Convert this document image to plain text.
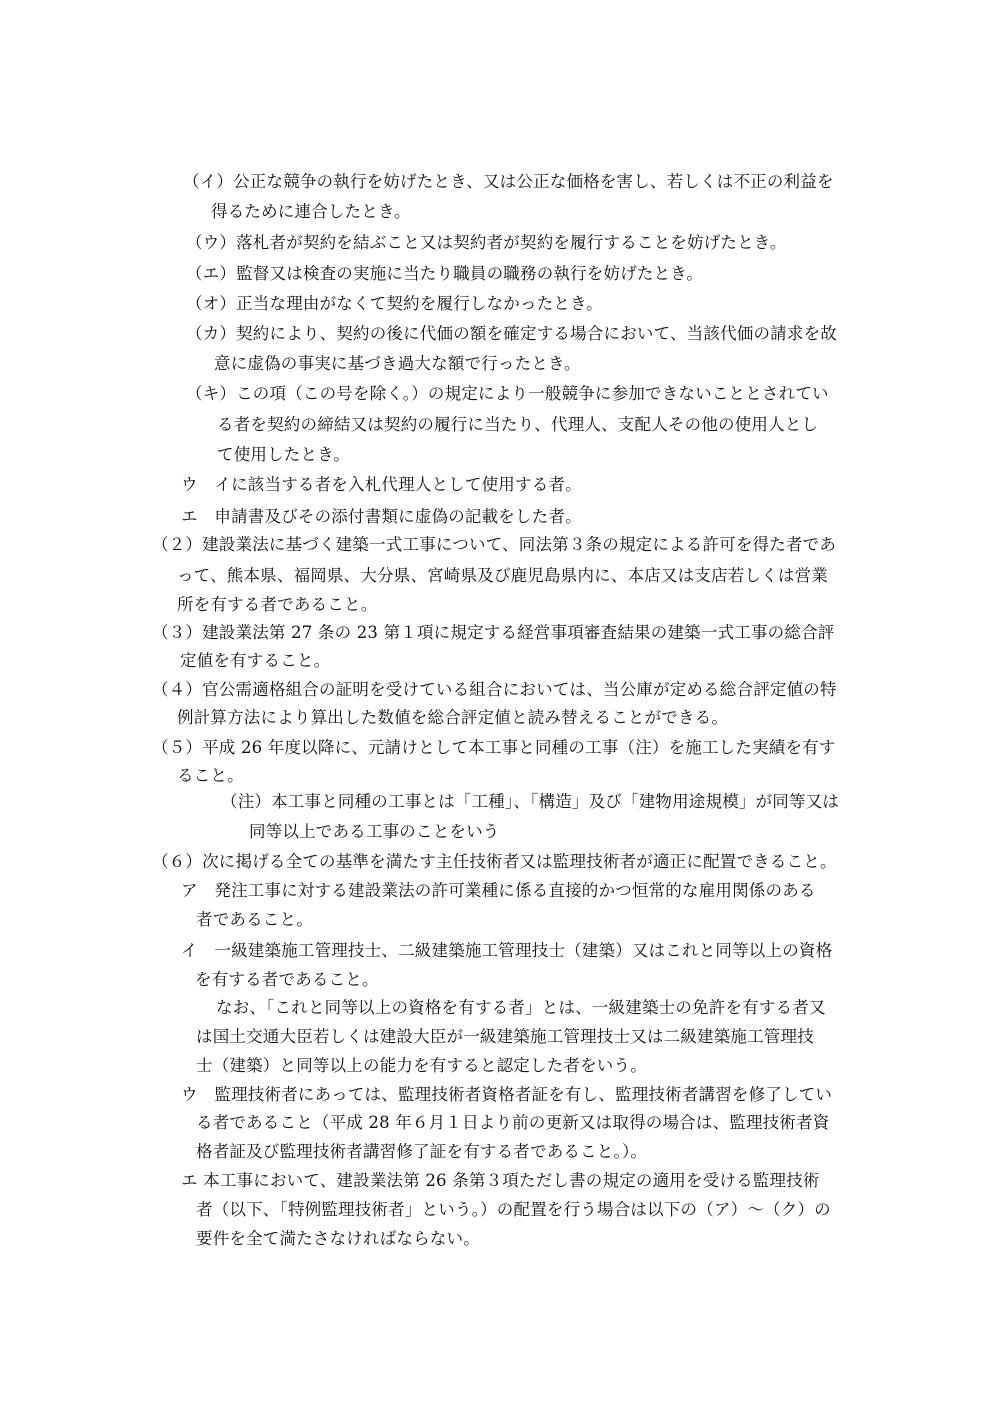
（イ）公正な競争の執行を妨げたとき、又は公正な価格を害し、若しくは不正の利益を
得るために連合したとき。
（ウ）落札者が契約を結ぶこと又は契約者が契約を履行することを妨げたとき。
（エ）監督又は検査の実施に当たり職員の職務の執行を妨げたとき。
（オ）正当な理由がなくて契約を履行しなかったとき。
（カ）契約により、契約の後に代価の額を確定する場合において、当該代価の請求を故
意に虚偽の事実に基づき過大な額で行ったとき。
（キ）この項（この号を除く。）の規定により一般競争に参加できないこととされてい
る者を契約の締結又は契約の履行に当たり、代理人、支配人その他の使用人とし
て使用したとき。
ウ　イに該当する者を入札代理人として使用する者。
エ　申請書及びその添付書類に虚偽の記載をした者。
（２）建設業法に基づく建築一式工事について、同法第３条の規定による許可を得た者であ
って、熊本県、福岡県、大分県、宮崎県及び鹿児島県内に、本店又は支店若しくは営業
所を有する者であること。
（３）建設業法第 27 条の 23 第１項に規定する経営事項審査結果の建築一式工事の総合評
定値を有すること。
（４）官公需適格組合の証明を受けている組合においては、当公庫が定める総合評定値の特
例計算方法により算出した数値を総合評定値と読み替えることができる。
（５）平成 26 年度以降に、元請けとして本工事と同種の工事（注）を施工した実績を有す
ること。
（注）本工事と同種の工事とは「工種」、「構造」及び「建物用途規模」が同等又は
同等以上である工事のことをいう
（６）次に掲げる全ての基準を満たす主任技術者又は監理技術者が適正に配置できること。
ア　発注工事に対する建設業法の許可業種に係る直接的かつ恒常的な雇用関係のある
者であること。
イ　一級建築施工管理技士、二級建築施工管理技士（建築）又はこれと同等以上の資格
を有する者であること。
なお、「これと同等以上の資格を有する者」とは、一級建築士の免許を有する者又
は国土交通大臣若しくは建設大臣が一級建築施工管理技士又は二級建築施工管理技
士（建築）と同等以上の能力を有すると認定した者をいう。
ウ　監理技術者にあっては、監理技術者資格者証を有し、監理技術者講習を修了してい
る者であること（平成 28 年６月１日より前の更新又は取得の場合は、監理技術者資
格者証及び監理技術者講習修了証を有する者であること。）。
エ 本工事において、建設業法第 26 条第３項ただし書の規定の適用を受ける監理技術
者（以下、「特例監理技術者」という。）の配置を行う場合は以下の（ア）～（ク）の
要件を全て満たさなければならない。
